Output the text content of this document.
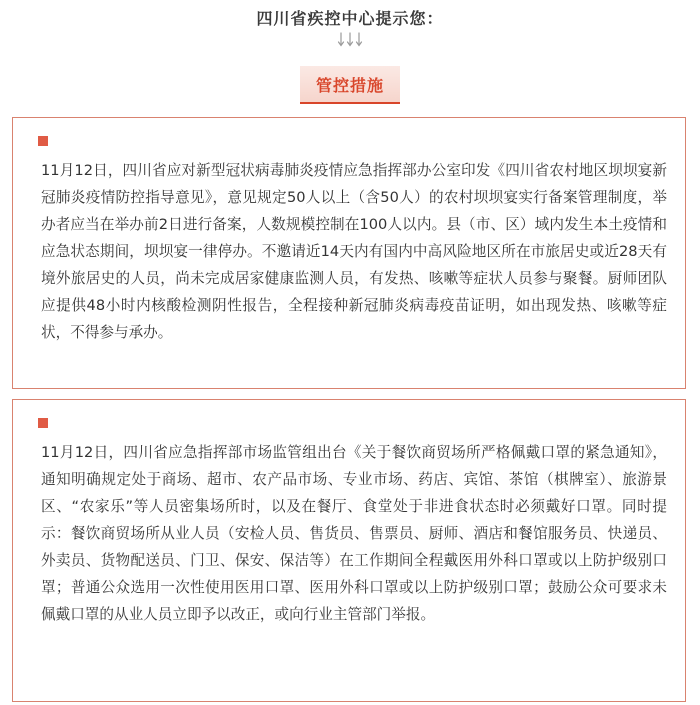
四川省疾控中心提示您：
管控措施

11月12日，四川省应对新型冠状病毒肺炎疫情应急指挥部办公室印发《四川省农村地区坝坝宴新冠肺炎疫情防控指导意见》，意见规定50人以上（含50人）的农村坝坝宴实行备案管理制度，举办者应当在举办前2日进行备案，人数规模控制在100人以内。县（市、区）域内发生本土疫情和应急状态期间，坝坝宴一律停办。不邀请近14天内有国内中高风险地区所在市旅居史或近28天有境外旅居史的人员，尚未完成居家健康监测人员，有发热、咳嗽等症状人员参与聚餐。厨师团队应提供48小时内核酸检测阴性报告，全程接种新冠肺炎病毒疫苗证明，如出现发热、咳嗽等症状，不得参与承办。

11月12日，四川省应急指挥部市场监管组出台《关于餐饮商贸场所严格佩戴口罩的紧急通知》，通知明确规定处于商场、超市、农产品市场、专业市场、药店、宾馆、茶馆（棋牌室）、旅游景区、“农家乐”等人员密集场所时，以及在餐厅、食堂处于非进食状态时必须戴好口罩。同时提示：餐饮商贸场所从业人员（安检人员、售货员、售票员、厨师、酒店和餐馆服务员、快递员、外卖员、货物配送员、门卫、保安、保洁等）在工作期间全程戴医用外科口罩或以上防护级别口罩；普通公众选用一次性使用医用口罩、医用外科口罩或以上防护级别口罩；鼓励公众可要求未佩戴口罩的从业人员立即予以改正，或向行业主管部门举报。
